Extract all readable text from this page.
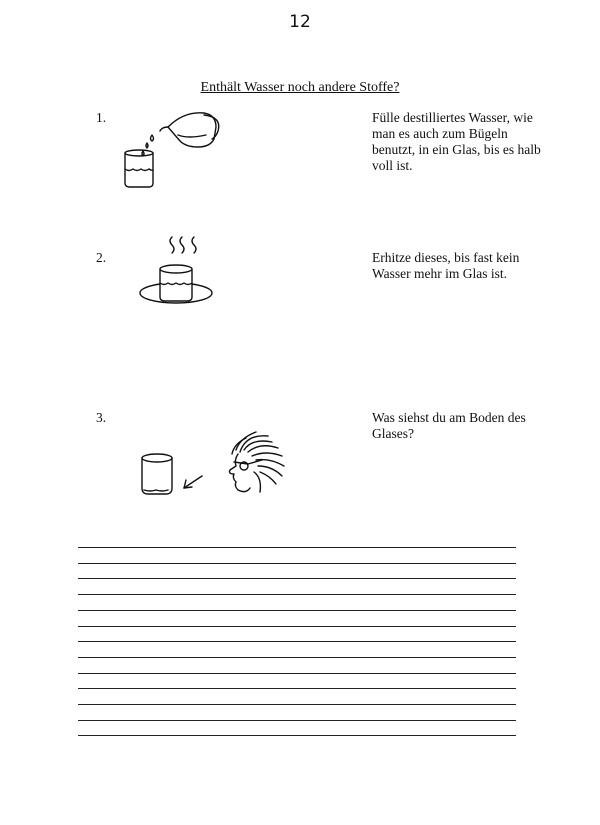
12
Enthält Wasser noch andere Stoffe?
1.	Fülle destilliertes Wasser, wie man es auch zum Bügeln benutzt, in ein Glas, bis es halb voll ist.
2.	Erhitze dieses, bis fast kein Wasser mehr im Glas ist.
3.	Was siehst du am Boden des Glases?
